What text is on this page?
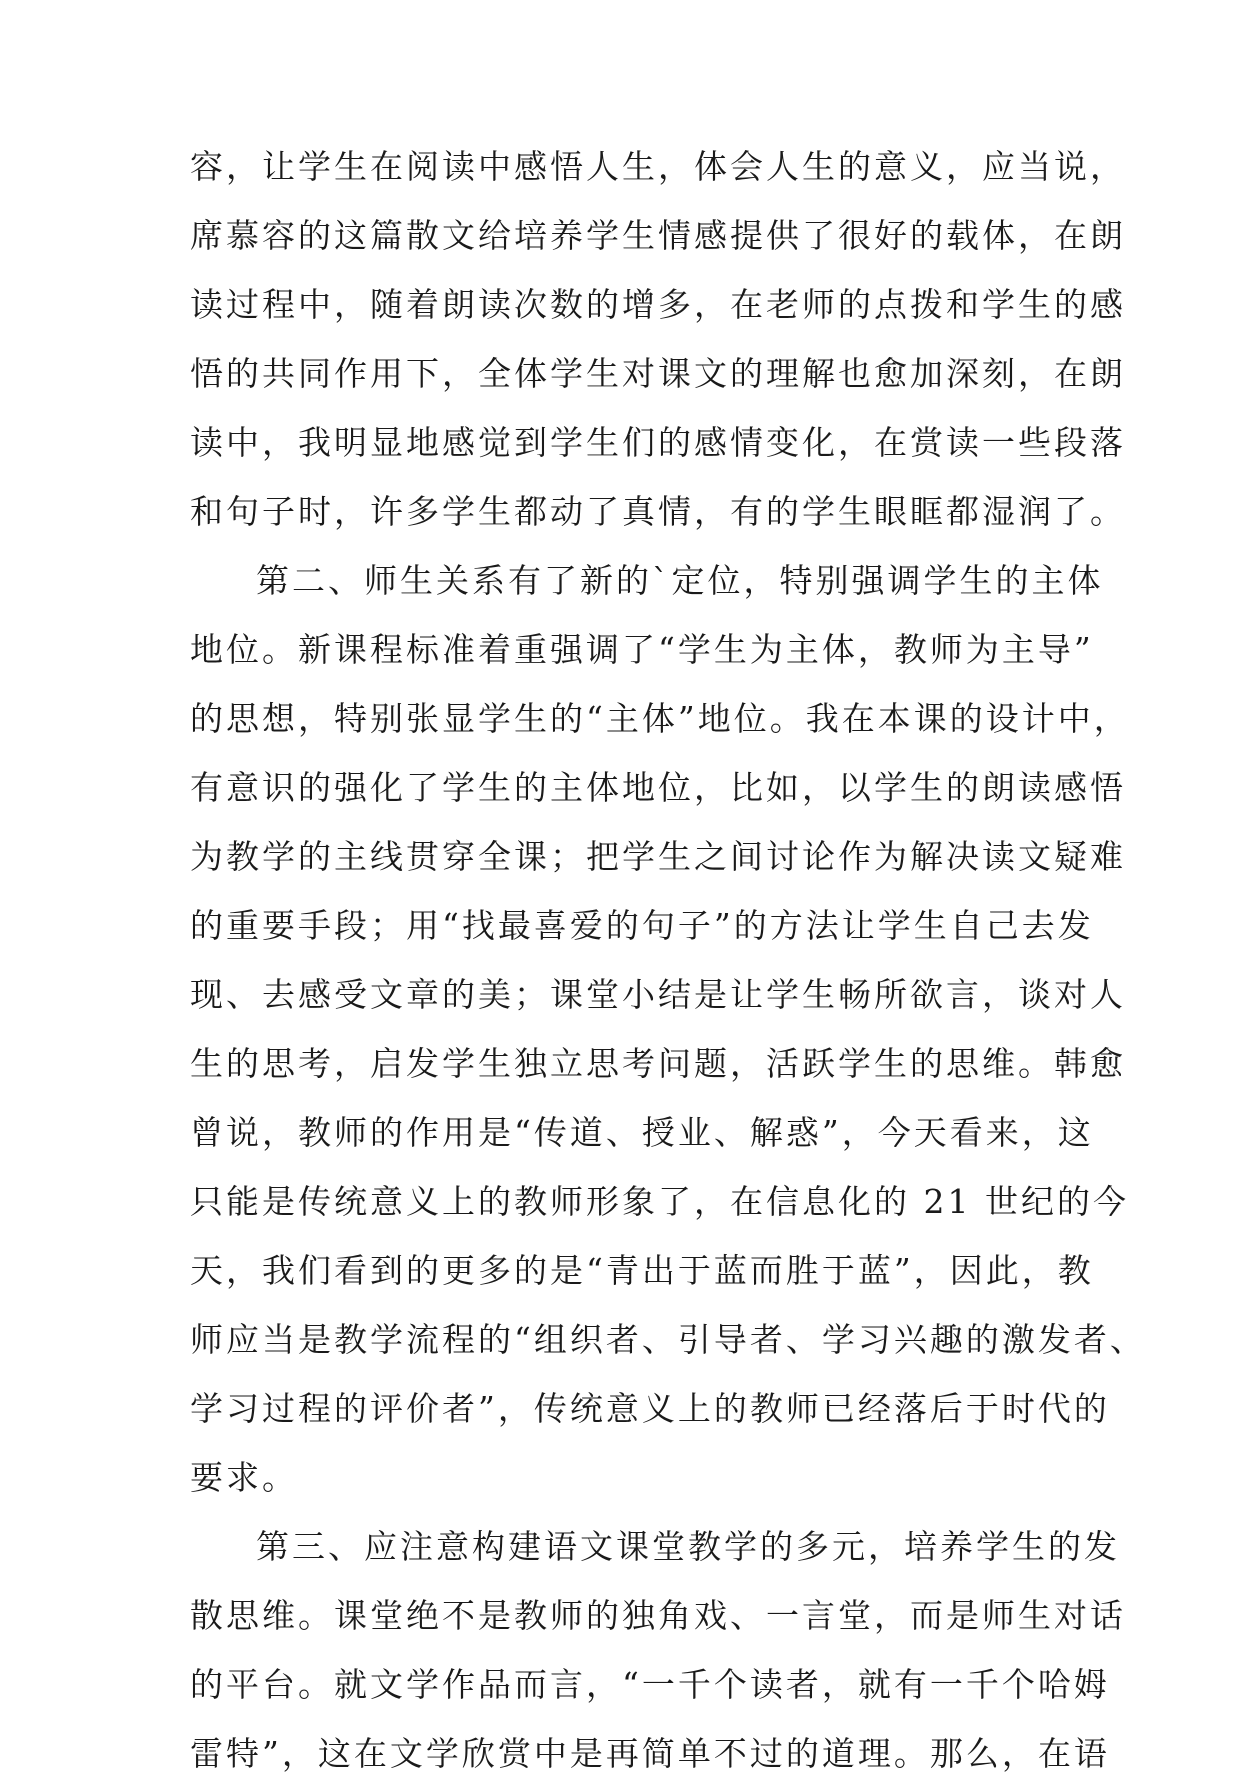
容，让学生在阅读中感悟人生，体会人生的意义，应当说，
席慕容的这篇散文给培养学生情感提供了很好的载体，在朗
读过程中，随着朗读次数的增多，在老师的点拨和学生的感
悟的共同作用下，全体学生对课文的理解也愈加深刻，在朗
读中，我明显地感觉到学生们的感情变化，在赏读一些段落
和句子时，许多学生都动了真情，有的学生眼眶都湿润了。
第二、师生关系有了新的`定位，特别强调学生的主体
地位。新课程标准着重强调了“学生为主体，教师为主导”
的思想，特别张显学生的“主体”地位。我在本课的设计中，
有意识的强化了学生的主体地位，比如，以学生的朗读感悟
为教学的主线贯穿全课；把学生之间讨论作为解决读文疑难
的重要手段；用“找最喜爱的句子”的方法让学生自己去发
现、去感受文章的美；课堂小结是让学生畅所欲言，谈对人
生的思考，启发学生独立思考问题，活跃学生的思维。韩愈
曾说，教师的作用是“传道、授业、解惑”，今天看来，这
只能是传统意义上的教师形象了，在信息化的 21 世纪的今
天，我们看到的更多的是“青出于蓝而胜于蓝”，因此，教
师应当是教学流程的“组织者、引导者、学习兴趣的激发者、
学习过程的评价者”，传统意义上的教师已经落后于时代的
要求。
第三、应注意构建语文课堂教学的多元，培养学生的发
散思维。课堂绝不是教师的独角戏、一言堂，而是师生对话
的平台。就文学作品而言，“一千个读者，就有一千个哈姆
雷特”，这在文学欣赏中是再简单不过的道理。那么，在语
